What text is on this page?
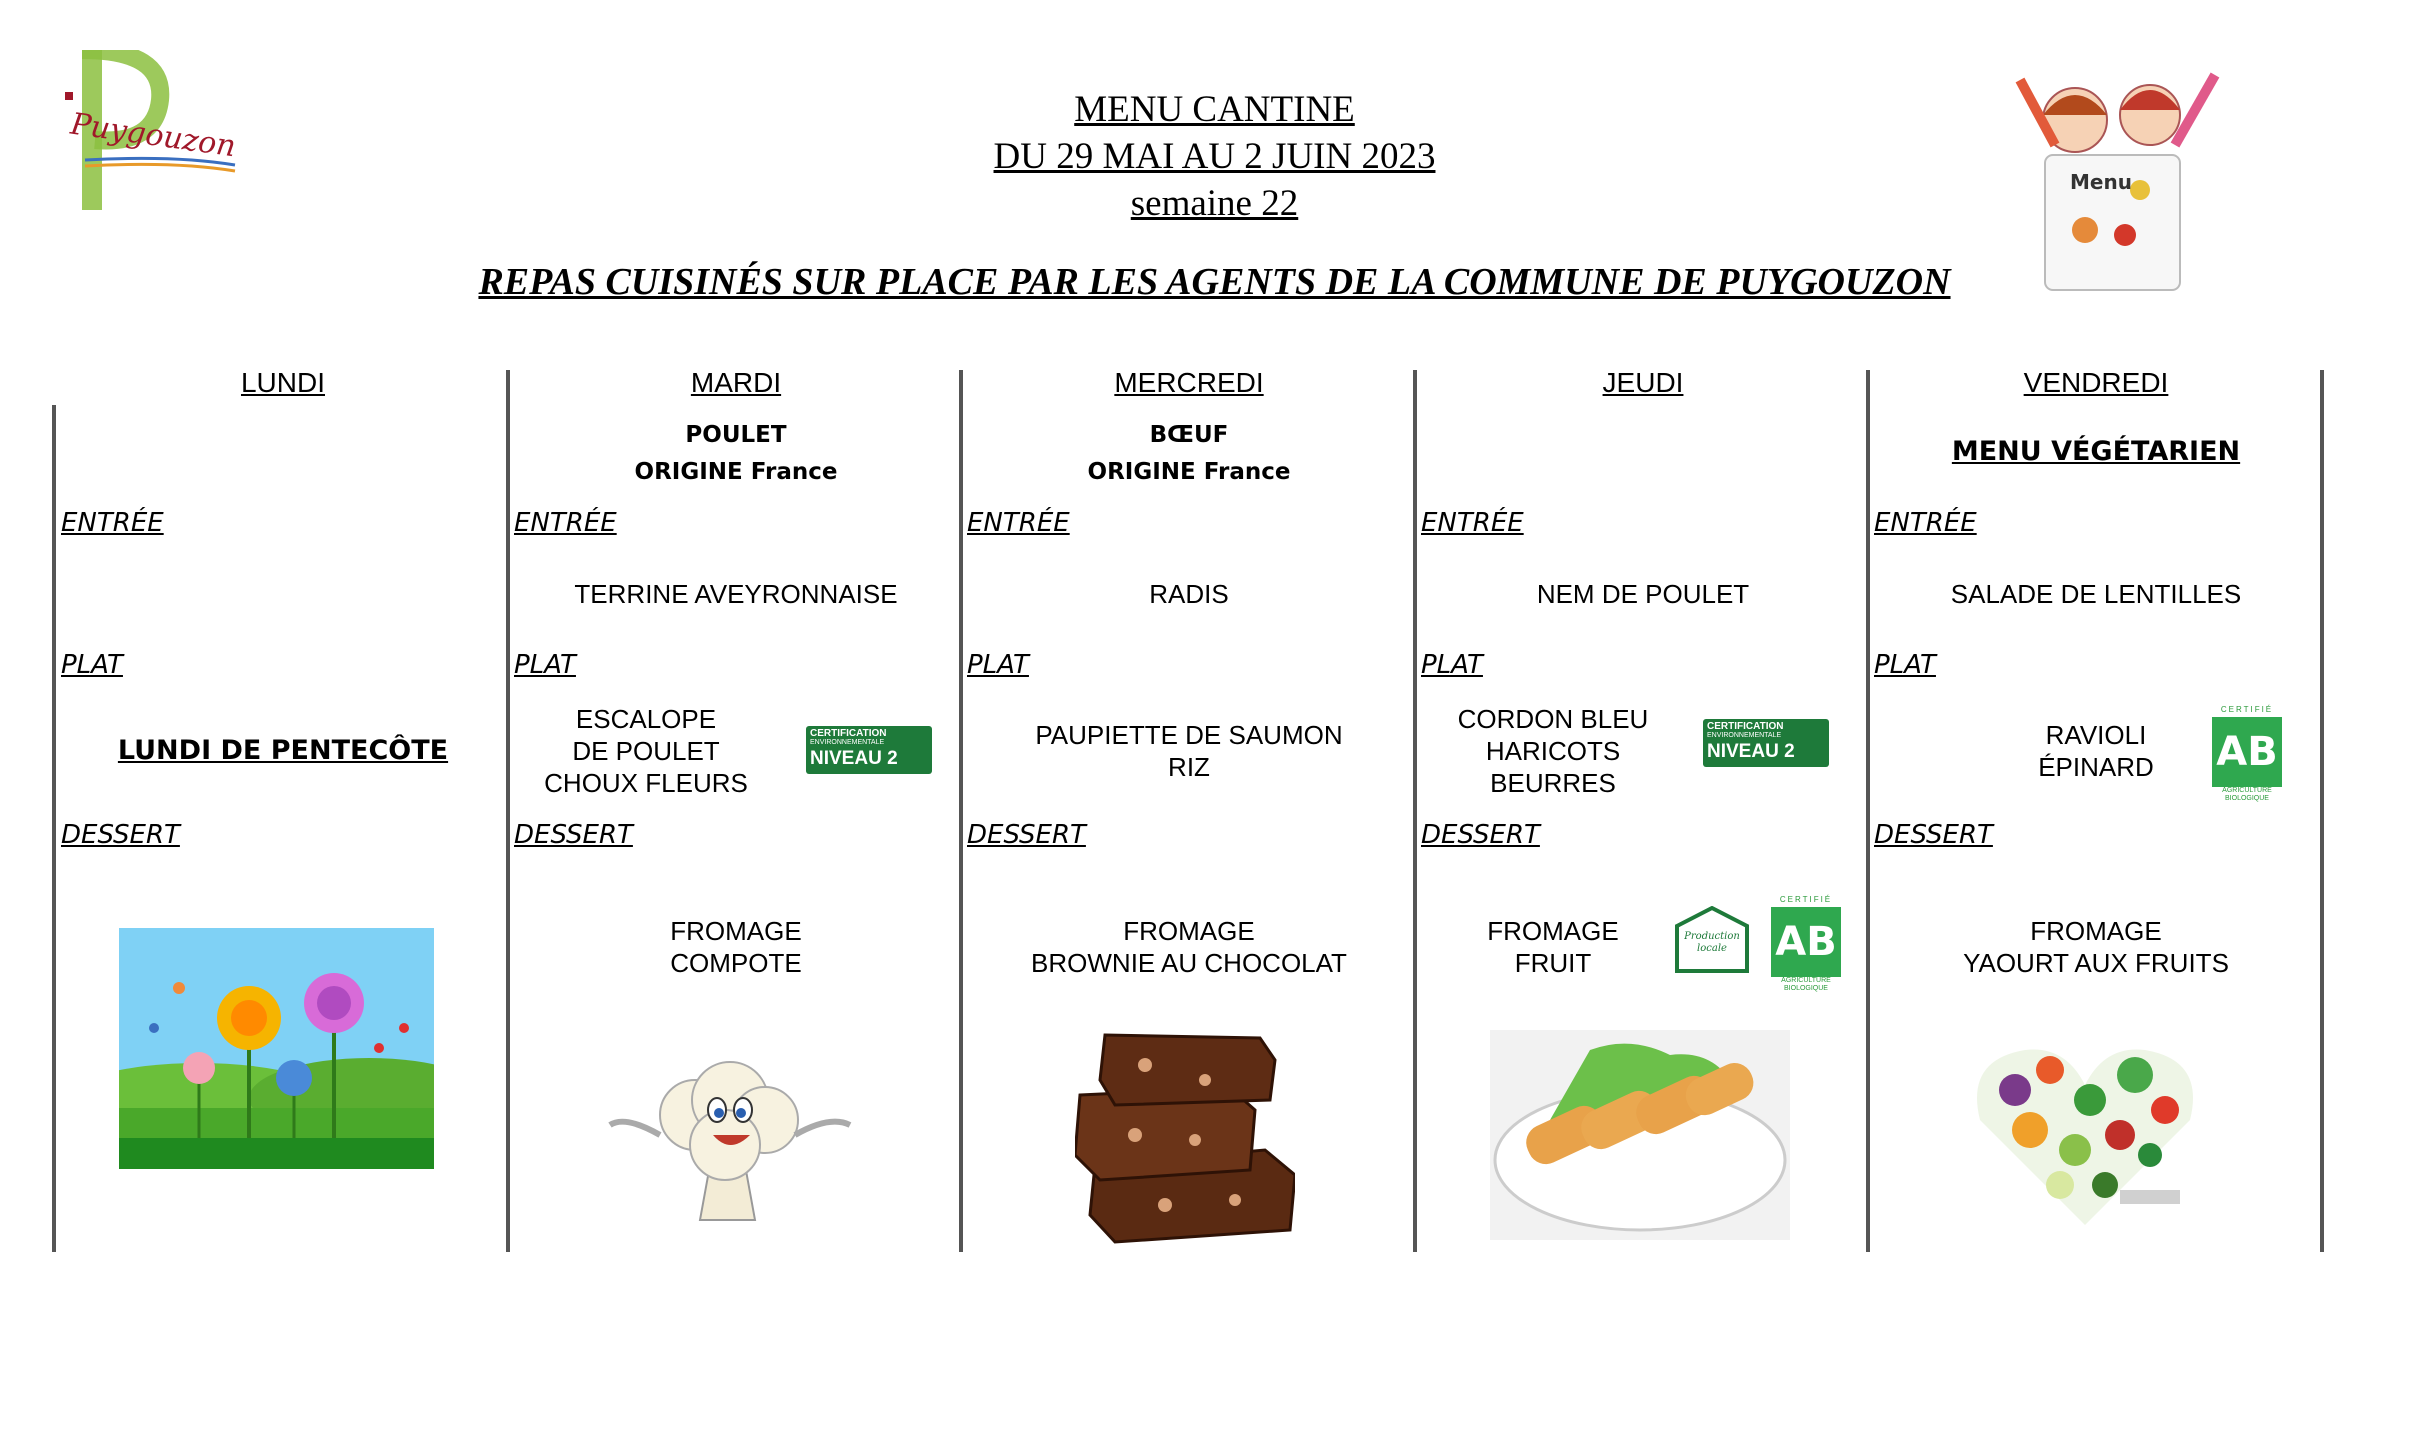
Puygouzon	MENU CANTINE
DU 29 MAI AU 2 JUIN 2023
semaine 22
REPAS CUISINÉS SUR PLACE PAR LES AGENTS DE LA COMMUNE DE PUYGOUZON
Menu
LUNDI
ENTRÉE
PLAT
LUNDI DE PENTECÔTE
DESSERT
MARDI
POULET
ORIGINE France
ENTRÉE
TERRINE AVEYRONNAISE
PLAT
ESCALOPE
DE POULET
CHOUX FLEURS
CERTIFICATION
ENVIRONNEMENTALE
NIVEAU 2
DESSERT
FROMAGE
COMPOTE
MERCREDI
BŒUF
ORIGINE France
ENTRÉE
RADIS
PLAT
PAUPIETTE DE SAUMON
RIZ
DESSERT
FROMAGE
BROWNIE AU CHOCOLAT
JEUDI
ENTRÉE
NEM DE POULET
PLAT
CORDON BLEU
HARICOTS
BEURRES
CERTIFICATION
ENVIRONNEMENTALE
NIVEAU 2
DESSERT
FROMAGE
FRUIT
Production locale
CERTIFIÉ
AB
AGRICULTURE BIOLOGIQUE
VENDREDI
MENU VÉGÉTARIEN
ENTRÉE
SALADE DE LENTILLES
PLAT
RAVIOLI
ÉPINARD
CERTIFIÉ
AB
AGRICULTURE BIOLOGIQUE
DESSERT
FROMAGE
YAOURT AUX FRUITS
